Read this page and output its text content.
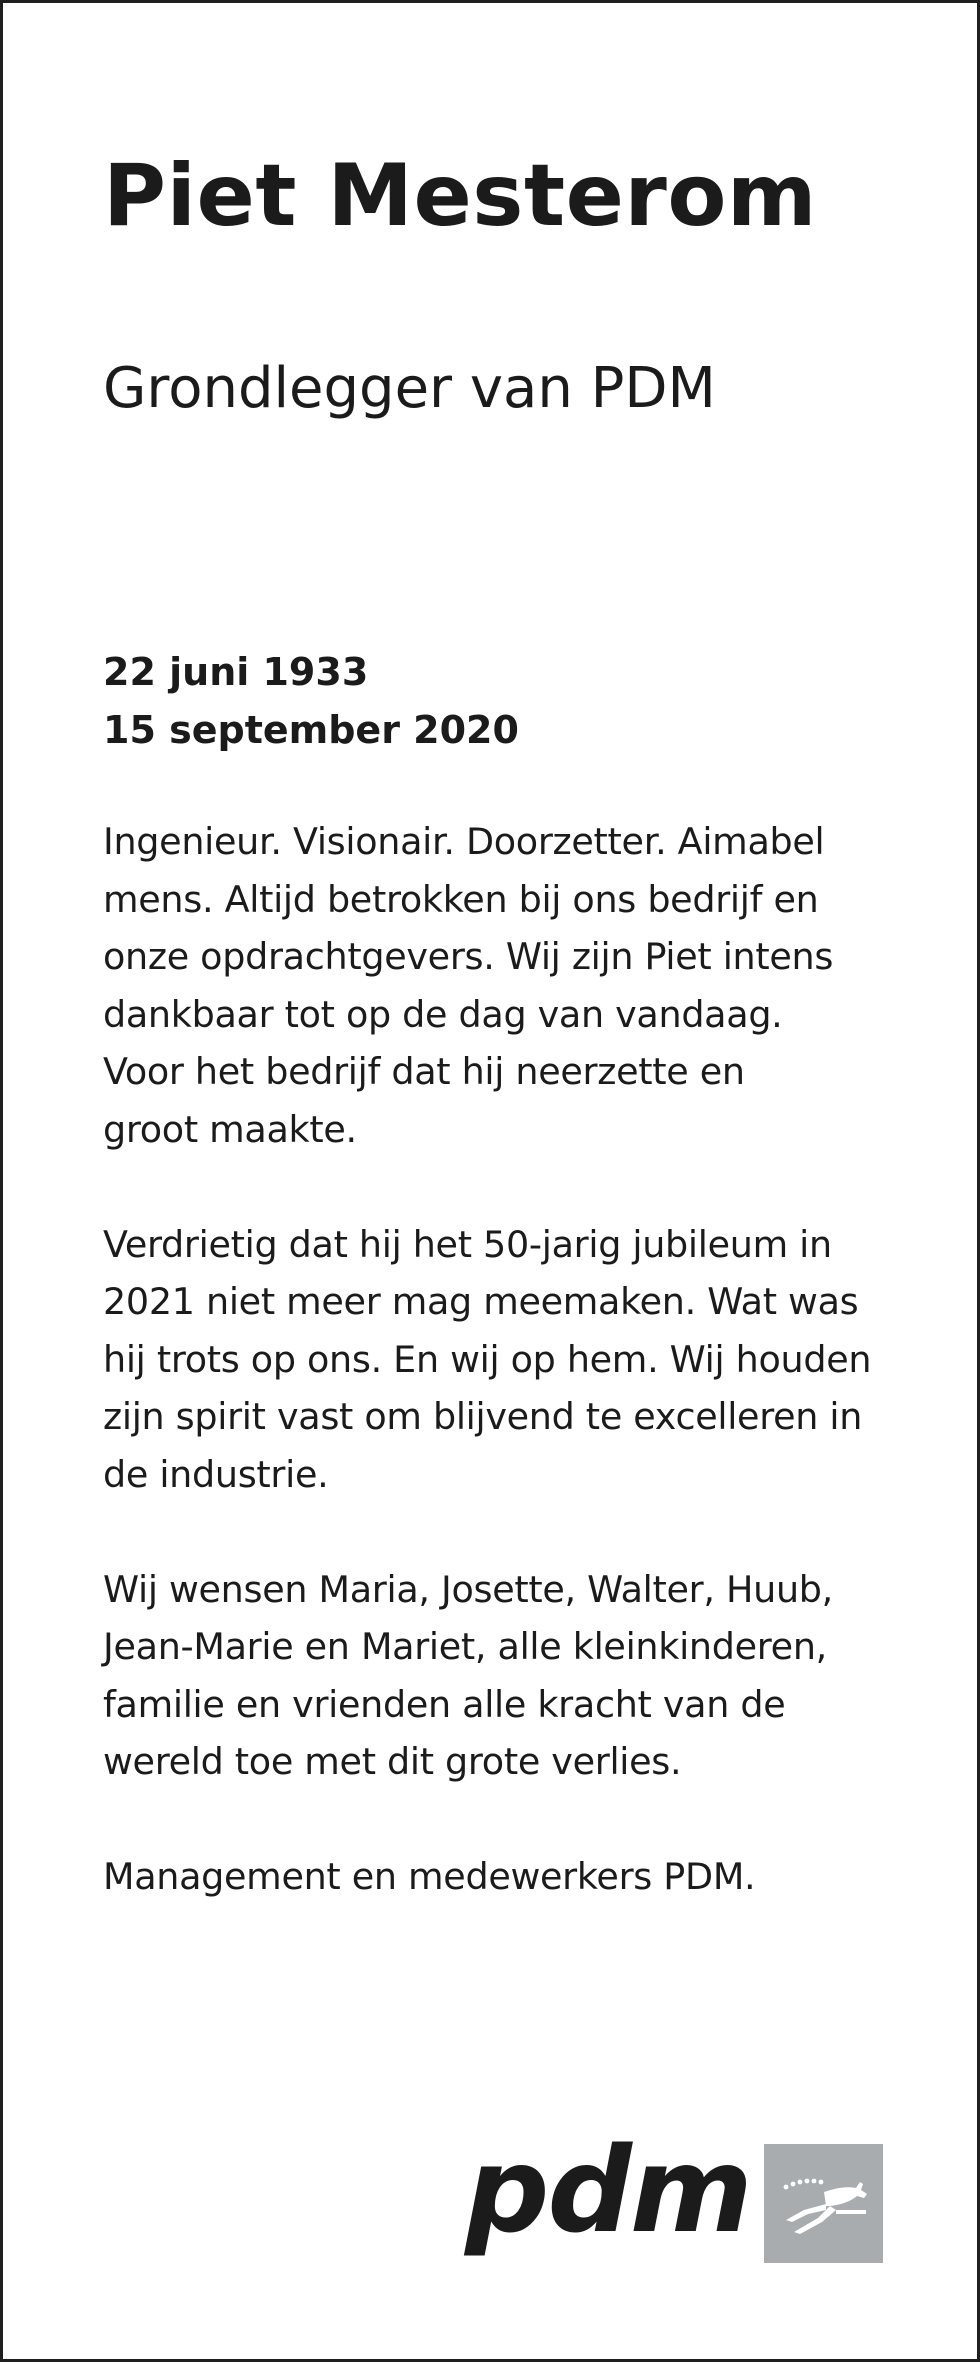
Piet Mesterom
Grondlegger van PDM
22 juni 1933
15 september 2020

Ingenieur. Visionair. Doorzetter. Aimabel
mens. Altijd betrokken bij ons bedrijf en
onze opdrachtgevers. Wij zijn Piet intens
dankbaar tot op de dag van vandaag.
Voor het bedrijf dat hij neerzette en
groot maakte.

Verdrietig dat hij het 50-jarig jubileum in
2021 niet meer mag meemaken. Wat was
hij trots op ons. En wij op hem. Wij houden
zijn spirit vast om blijvend te excelleren in
de industrie.

Wij wensen Maria, Josette, Walter, Huub,
Jean-Marie en Mariet, alle kleinkinderen,
familie en vrienden alle kracht van de
wereld toe met dit grote verlies.

Management en medewerkers PDM.
pdm
